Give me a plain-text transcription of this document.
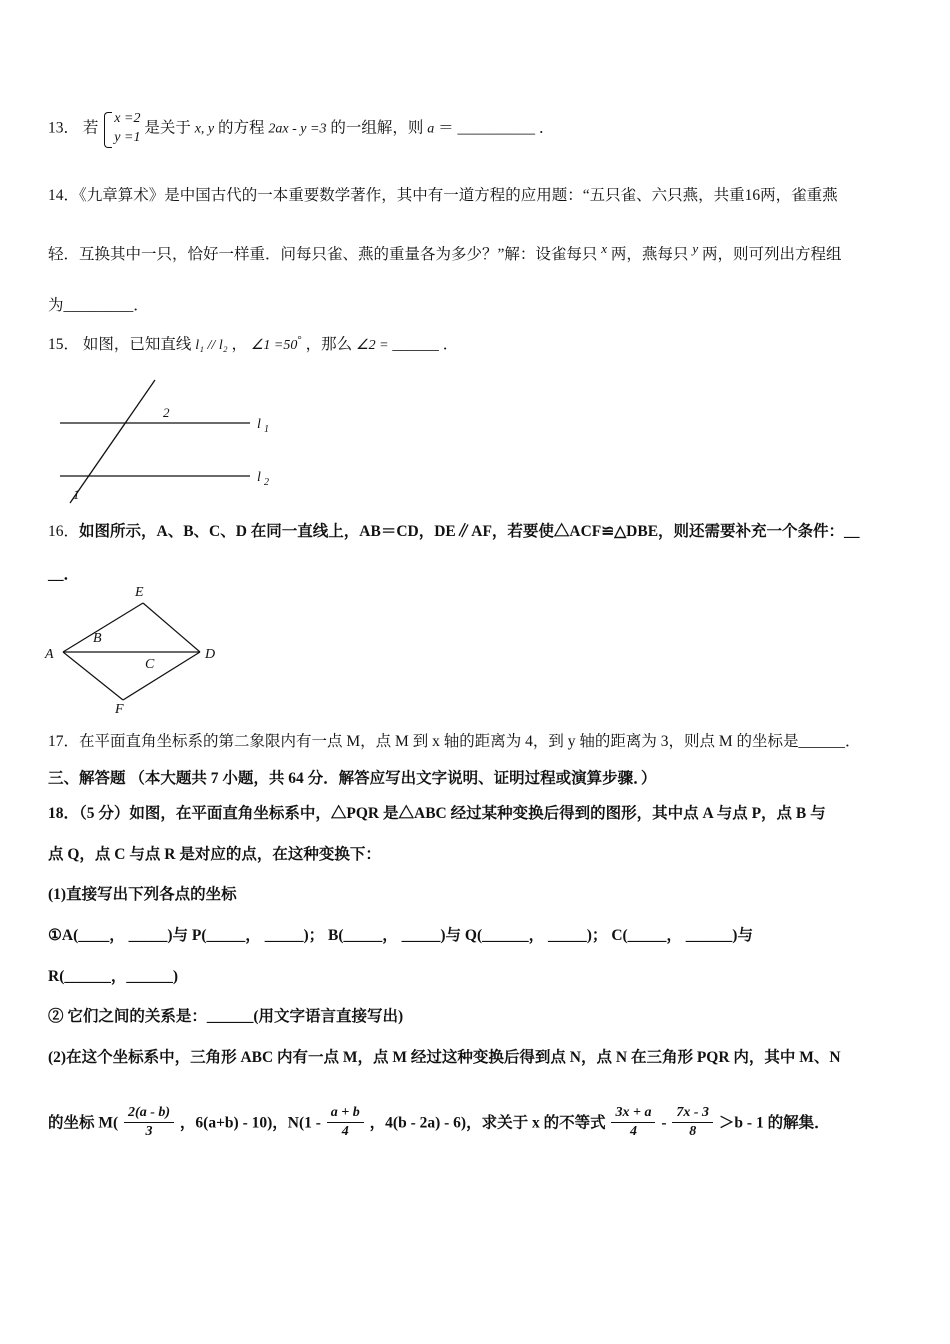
13． 若 x =2
y =1 是关于 x, y 的方程 2ax - y =3 的一组解，则 a ＝ __________ ．
14．《九章算术》是中国古代的一本重要数学著作，其中有一道方程的应用题：“五只雀、六只燕，共重16两，雀重燕
轻．互换其中一只，恰好一样重．问每只雀、燕的重量各为多少？”解：设雀每只 $^x$ 两，燕每只 $^y$ 两，则可列出方程组
为_________．
15． 如图，已知直线 l₁ // l₂ ， ∠1 =50° ，那么 ∠2 = ______ ．
2
1
l 1
l 2
16．如图所示，A、B、C、D 在同一直线上，AB＝CD，DE∥AF，若要使△ACF≌△DBE，则还需要补充一个条件：__
__．
E
B
A
C
D
F
17．在平面直角坐标系的第二象限内有一点 M，点 M 到 x 轴的距离为 4，到 y 轴的距离为 3，则点 M 的坐标是______．
三、解答题 （本大题共 7 小题，共 64 分．解答应写出文字说明、证明过程或演算步骤．）
18．（5 分）如图，在平面直角坐标系中，△PQR 是△ABC 经过某种变换后得到的图形，其中点 A 与点 P，点 B 与
点 Q，点 C 与点 R 是对应的点，在这种变换下：
(1)直接写出下列各点的坐标
①A(____， _____)与 P(_____， _____)； B(_____， _____)与 Q(______， _____)； C(_____， ______)与
R(______，______)
② 它们之间的关系是：______(用文字语言直接写出)
(2)在这个坐标系中，三角形 ABC 内有一点 M，点 M 经过这种变换后得到点 N，点 N 在三角形 PQR 内，其中 M、N
的坐标 $M( \frac{2(a - b)}{3}$ ，6(a+b) - 10)，$N(1 - \frac{a + b}{4}$ ，4(b - 2a) - 6)，求关于 x 的不等式 $\frac{3x + a}{4} - \frac{7x - 3}{8} >b - 1$ 的解集．
